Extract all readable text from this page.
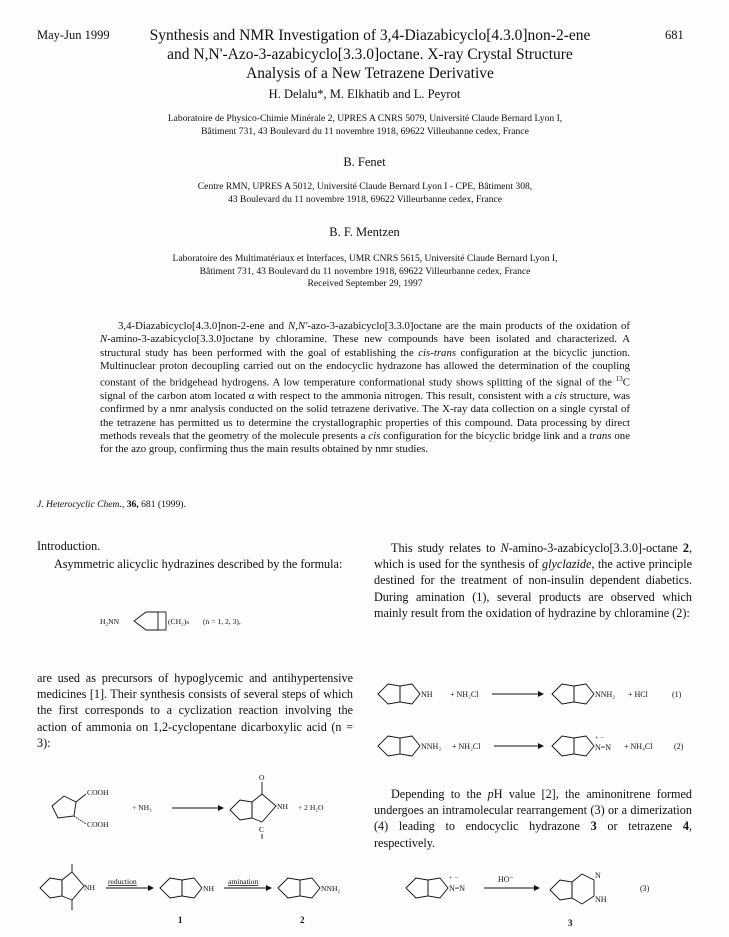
May-Jun 1999	681
Synthesis and NMR Investigation of 3,4-Diazabicyclo[4.3.0]non-2-ene
and N,N'-Azo-3-azabicyclo[3.3.0]octane. X-ray Crystal Structure
Analysis of a New Tetrazene Derivative
H. Delalu*, M. Elkhatib and L. Peyrot
Laboratoire de Physico-Chimie Minérale 2, UPRES A CNRS 5079, Université Claude Bernard Lyon I,
Bâtiment 731, 43 Boulevard du 11 novembre 1918, 69622 Villeubanne cedex, France
B. Fenet
Centre RMN, UPRES A 5012, Université Claude Bernard Lyon I - CPE, Bâtiment 308,
43 Boulevard du 11 novembre 1918, 69622 Villeurbanne cedex, France
B. F. Mentzen
Laboratoire des Multimatériaux et Interfaces, UMR CNRS 5615, Université Claude Bernard Lyon I,
Bâtiment 731, 43 Boulevard du 11 novembre 1918, 69622 Villeurbanne cedex, France
Received September 29, 1997

3,4-Diazabicyclo[4.3.0]non-2-ene and N,N'-azo-3-azabicyclo[3.3.0]octane are the main products of the oxidation of N-amino-3-azabicyclo[3.3.0]octane by chloramine. These new compounds have been isolated and characterized. A structural study has been performed with the goal of establishing the cis-trans configuration at the bicyclic junction. Multinuclear proton decoupling carried out on the endocyclic hydrazone has allowed the determination of the coupling constant of the bridgehead hydrogens. A low temperature conformational study shows splitting of the signal of the $^{13}$C signal of the carbon atom located α with respect to the ammonia nitrogen. This result, consistent with a cis structure, was confirmed by a nmr analysis conducted on the solid tetrazene derivative. The X-ray data collection on a single cyrstal of the tetrazene has permitted us to determine the crystallographic properties of this compound. Data processing by direct methods reveals that the geometry of the molecule presents a cis configuration for the bicyclic bridge link and a trans one for the azo group, confirming thus the main results obtained by nmr studies.

J. Heterocyclic Chem., 36, 681 (1999).

Introduction.

Asymmetric alicyclic hydrazines described by the formula:

H₂NN	(CH₂)ₙ (n = 1, 2, 3),
are used as precursors of hypoglycemic and antihypertensive medicines [1]. Their synthesis consists of several steps of which the first corresponds to a cyclization reaction involving the action of ammonia on 1,2-cyclopentane dicarboxylic acid (n = 3):
COOH
COOH
+ NH₃
O
NH
C
+ 2 H₂O
NH
reduction
NH
1
amination
NNH₂
2

This study relates to N-amino-3-azabicyclo[3.3.0]-octane 2, which is used for the synthesis of glyclazide, the active principle destined for the treatment of non-insulin dependent diabetics. During amination (1), several products are observed which mainly result from the oxidation of hydrazine by chloramine (2):

NH + NH₂Cl	NNH₂ + HCl	(1)
NNH₂ + NH₂Cl
+ −
N=N + NH₄Cl	(2)

Depending to the pH value [2], the aminonitrene formed undergoes an intramolecular rearrangement (3) or a dimerization (4) leading to endocyclic hydrazone 3 or tetrazene 4, respectively.

+ −
N=N
HO⁻	N
NH
(3)
3
